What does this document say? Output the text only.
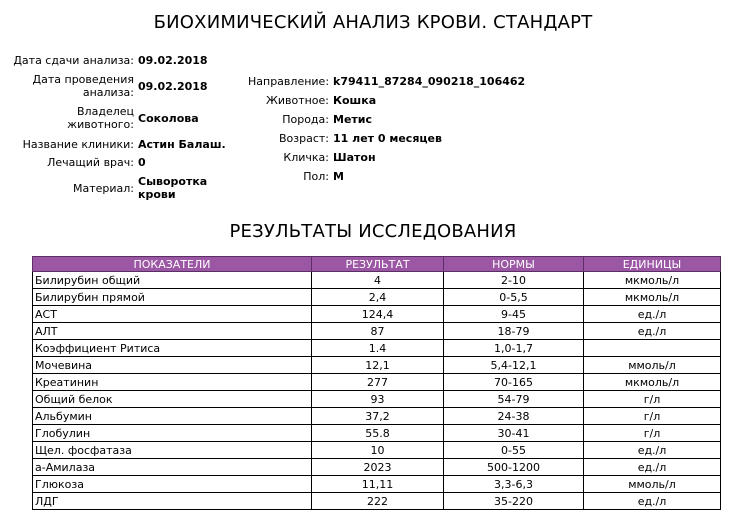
БИОХИМИЧЕСКИЙ АНАЛИЗ КРОВИ. СТАНДАРТ
Дата сдачи анализа: 09.02.2018
Дата проведения анализа: 09.02.2018
Владелец животного: Соколова
Название клиники: Астин Балаш.
Лечащий врач: 0
Материал: Сыворотка крови
Направление: k79411_87284_090218_106462
Животное: Кошка
Порода: Метис
Возраст: 11 лет 0 месяцев
Кличка: Шатон
Пол: М
РЕЗУЛЬТАТЫ ИССЛЕДОВАНИЯ
ПОКАЗАТЕЛИ	РЕЗУЛЬТАТ	НОРМЫ	ЕДИНИЦЫ
Билирубин общий	4	2-10	мкмоль/л
Билирубин прямой	2,4	0-5,5	мкмоль/л
АСТ	124,4	9-45	ед./л
АЛТ	87	18-79	ед./л
Коэффициент Ритиса	1.4	1,0-1,7	
Мочевина	12,1	5,4-12,1	ммоль/л
Креатинин	277	70-165	мкмоль/л
Общий белок	93	54-79	г/л
Альбумин	37,2	24-38	г/л
Глобулин	55.8	30-41	г/л
Щел. фосфатаза	10	0-55	ед./л
а-Амилаза	2023	500-1200	ед./л
Глюкоза	11,11	3,3-6,3	ммоль/л
ЛДГ	222	35-220	ед./л
